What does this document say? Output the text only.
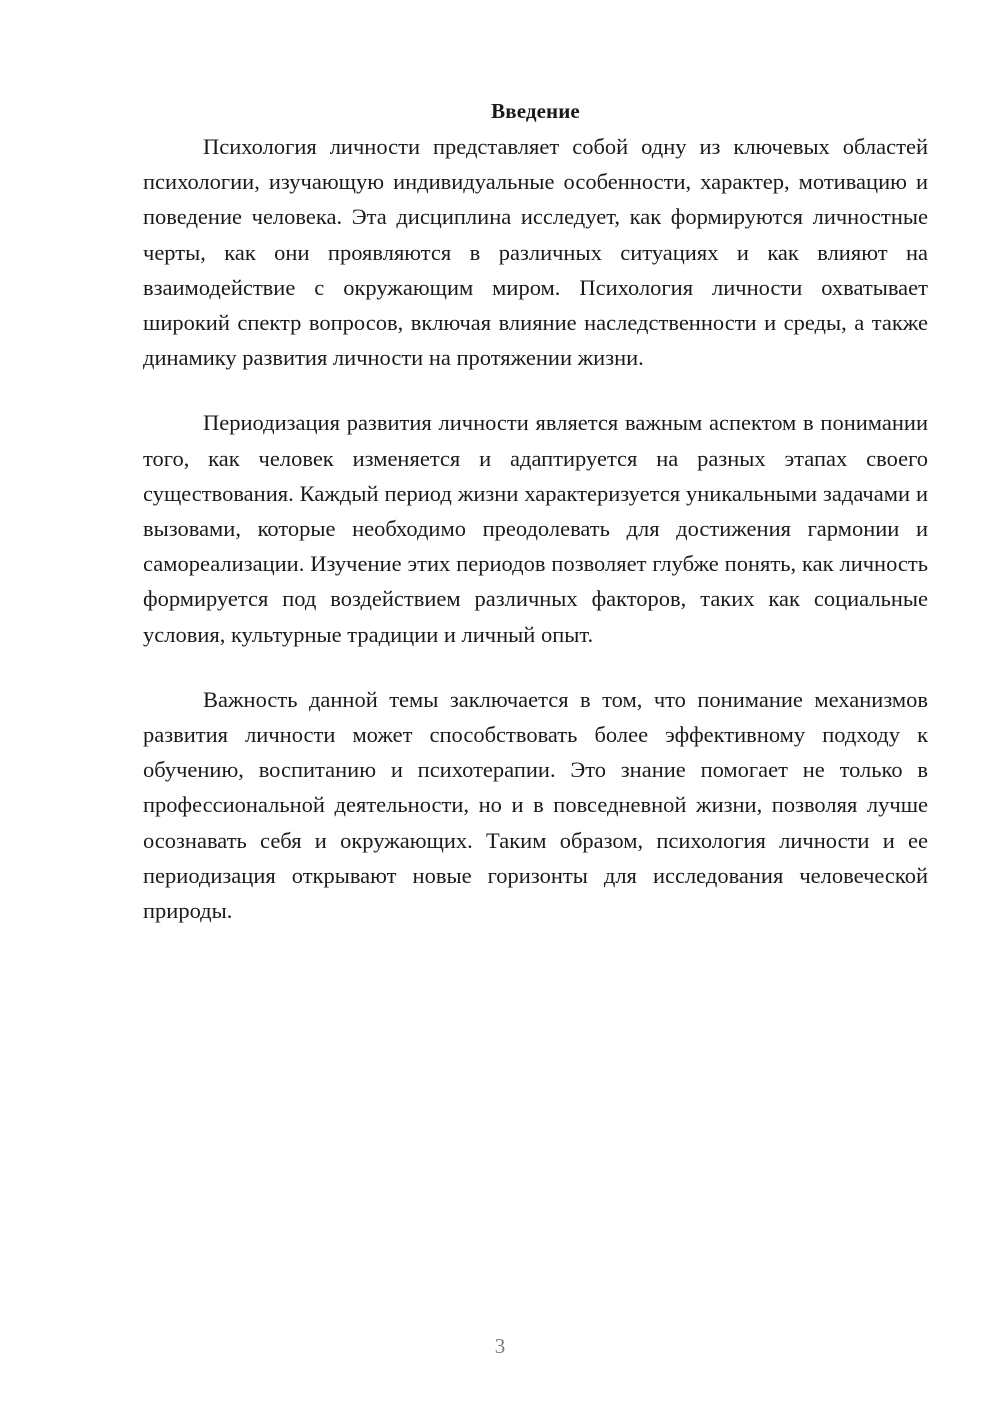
Введение

Психология личности представляет собой одну из ключевых областей психологии, изучающую индивидуальные особенности, характер, мотивацию и поведение человека. Эта дисциплина исследует, как формируются личностные черты, как они проявляются в различных ситуациях и как влияют на взаимодействие с окружающим миром. Психология личности охватывает широкий спектр вопросов, включая влияние наследственности и среды, а также динамику развития личности на протяжении жизни.

Периодизация развития личности является важным аспектом в понимании того, как человек изменяется и адаптируется на разных этапах своего существования. Каждый период жизни характеризуется уникальными задачами и вызовами, которые необходимо преодолевать для достижения гармонии и самореализации. Изучение этих периодов позволяет глубже понять, как личность формируется под воздействием различных факторов, таких как социальные условия, культурные традиции и личный опыт.

Важность данной темы заключается в том, что понимание механизмов развития личности может способствовать более эффективному подходу к обучению, воспитанию и психотерапии. Это знание помогает не только в профессиональной деятельности, но и в повседневной жизни, позволяя лучше осознавать себя и окружающих. Таким образом, психология личности и ее периодизация открывают новые горизонты для исследования человеческой природы.

3
